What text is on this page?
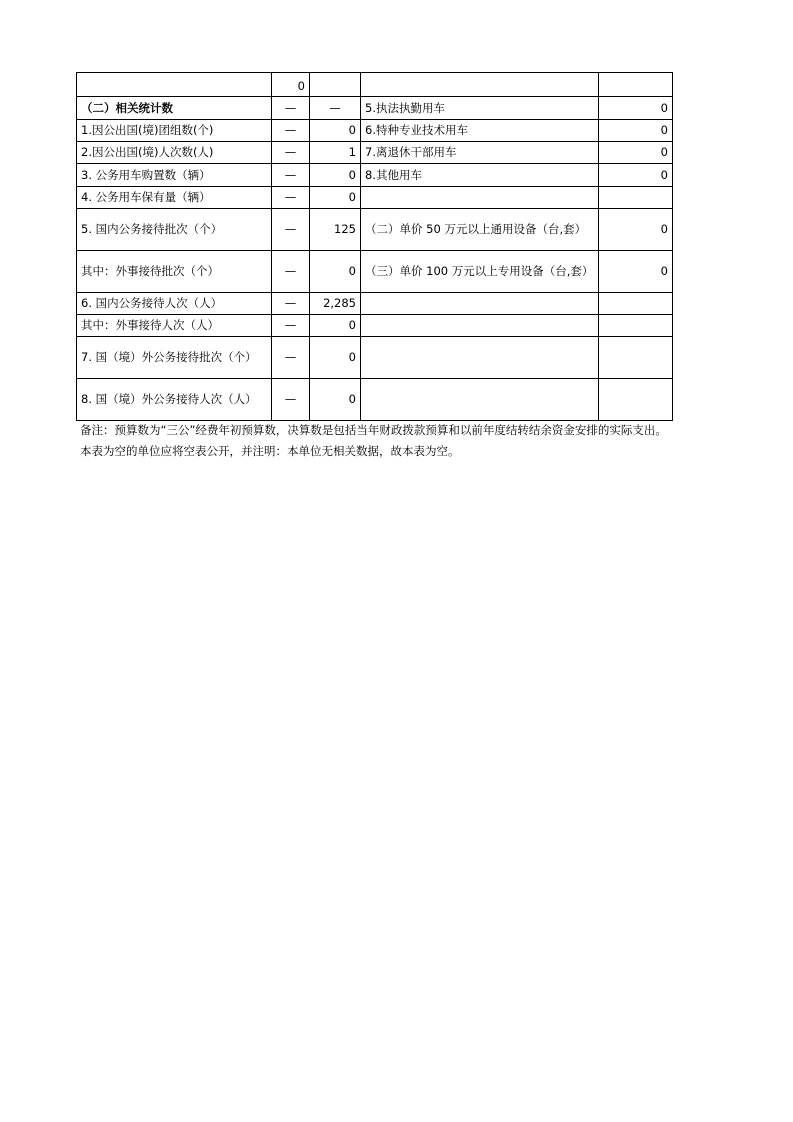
	0			
（二）相关统计数	—	—	5.执法执勤用车	0
1.因公出国(境)团组数(个)	—	0	6.特种专业技术用车	0
2.因公出国(境)人次数(人)	—	1	7.离退休干部用车	0
3. 公务用车购置数（辆）	—	0	8.其他用车	0
4. 公务用车保有量（辆）	—	0		
5. 国内公务接待批次（个）	—	125	（二）单价 50 万元以上通用设备（台,套）	0
其中：外事接待批次（个）	—	0	（三）单价 100 万元以上专用设备（台,套）	0
6. 国内公务接待人次（人）	—	2,285		
其中：外事接待人次（人）	—	0		
7. 国（境）外公务接待批次（个）	—	0		
8. 国（境）外公务接待人次（人）	—	0		

备注：预算数为“三公”经费年初预算数，决算数是包括当年财政拨款预算和以前年度结转结余资金安排的实际支出。

本表为空的单位应将空表公开，并注明：本单位无相关数据，故本表为空。
